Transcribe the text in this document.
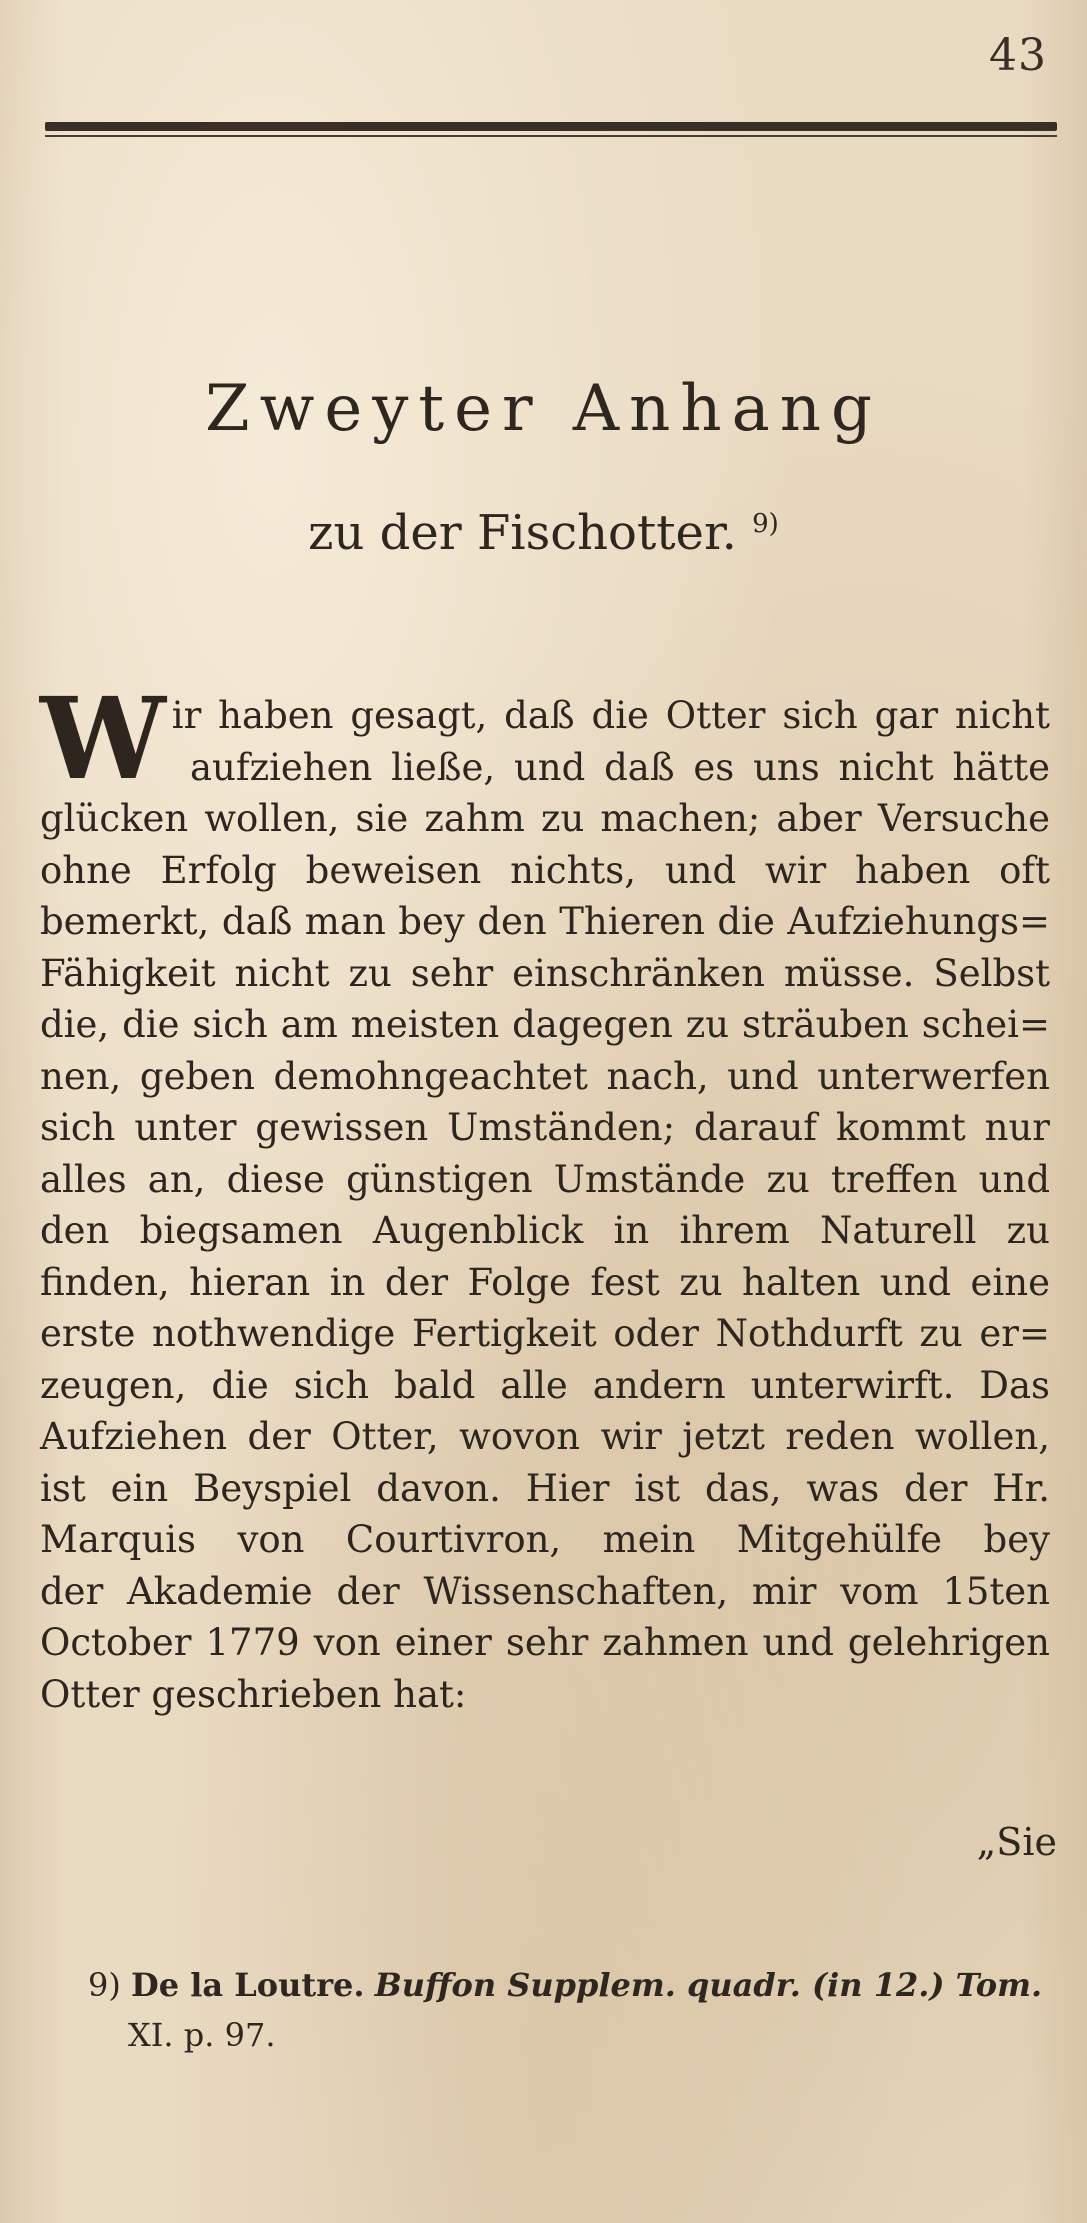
43
Zweyter Anhang
zu der Fischotter. $^{9)}$
W ir haben gesagt, daß die Otter sich gar nicht
aufziehen ließe, und daß es uns nicht hätte
glücken wollen, sie zahm zu machen; aber Versuche
ohne Erfolg beweisen nichts, und wir haben oft
bemerkt, daß man bey den Thieren die Aufziehungs=
Fähigkeit nicht zu sehr einschränken müsse. Selbst
die, die sich am meisten dagegen zu sträuben schei=
nen, geben demohngeachtet nach, und unterwerfen
sich unter gewissen Umständen; darauf kommt nur
alles an, diese günstigen Umstände zu treffen und
den biegsamen Augenblick in ihrem Naturell zu
finden, hieran in der Folge fest zu halten und eine
erste nothwendige Fertigkeit oder Nothdurft zu er=
zeugen, die sich bald alle andern unterwirft. Das
Aufziehen der Otter, wovon wir jetzt reden wollen,
ist ein Beyspiel davon. Hier ist das, was der Hr.
Marquis von Courtivron, mein Mitgehülfe bey
der Akademie der Wissenschaften, mir vom 15ten
October 1779 von einer sehr zahmen und gelehrigen
Otter geschrieben hat:
„Sie
9) De la Loutre. Buffon Supplem. quadr. (in 12.) Tom.
XI. p. 97.
